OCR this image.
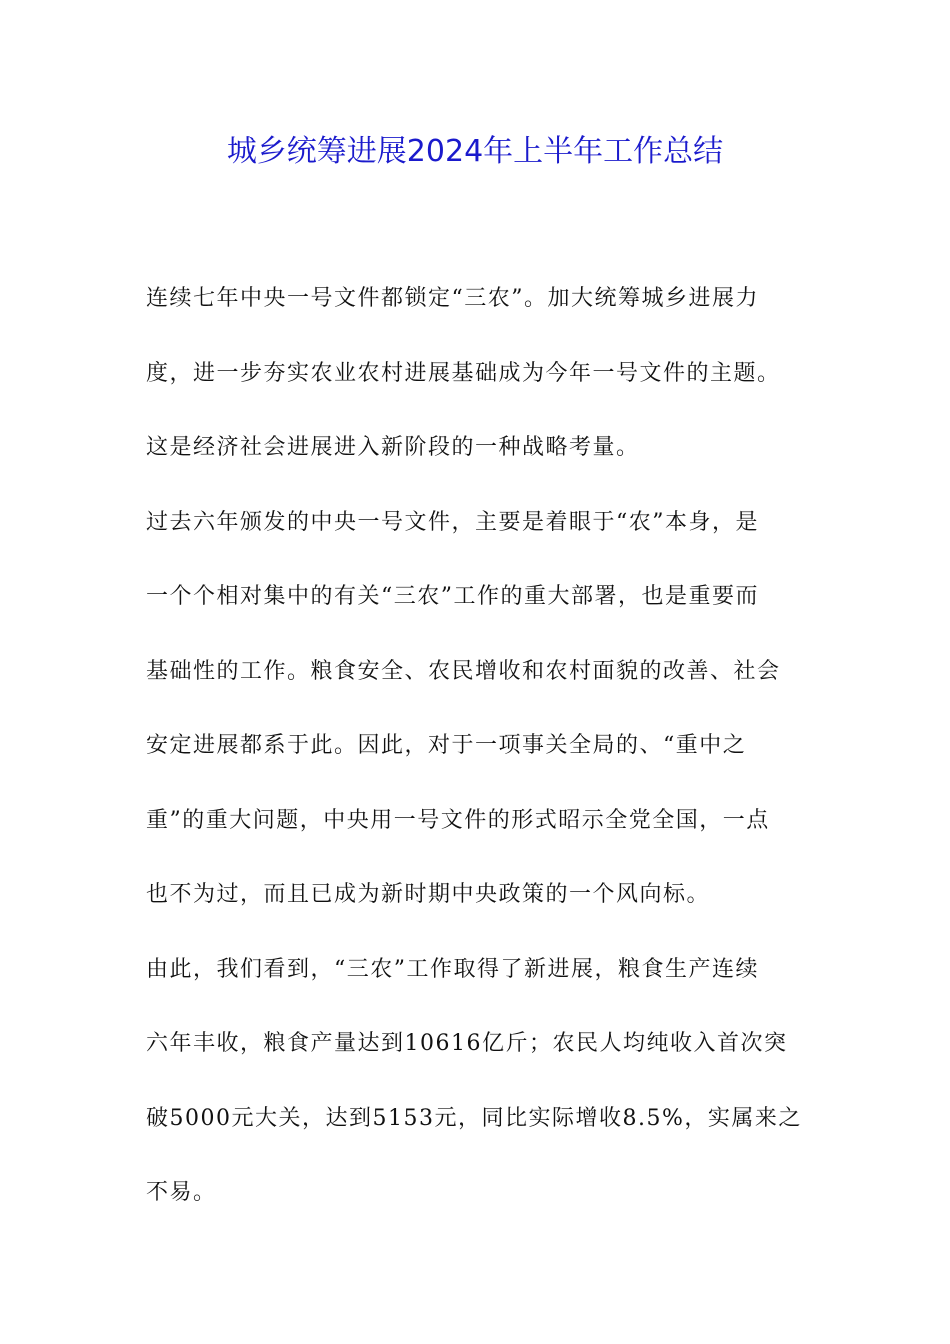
城乡统筹进展2024年上半年工作总结

连续七年中央一号文件都锁定“三农”。加大统筹城乡进展力
度，进一步夯实农业农村进展基础成为今年一号文件的主题。
这是经济社会进展进入新阶段的一种战略考量。

过去六年颁发的中央一号文件，主要是着眼于“农”本身，是
一个个相对集中的有关“三农”工作的重大部署，也是重要而
基础性的工作。粮食安全、农民增收和农村面貌的改善、社会
安定进展都系于此。因此，对于一项事关全局的、“重中之
重”的重大问题，中央用一号文件的形式昭示全党全国，一点
也不为过，而且已成为新时期中央政策的一个风向标。

由此，我们看到，“三农”工作取得了新进展，粮食生产连续
六年丰收，粮食产量达到10616亿斤；农民人均纯收入首次突
破5000元大关，达到5153元，同比实际增收8.5%，实属来之
不易。
